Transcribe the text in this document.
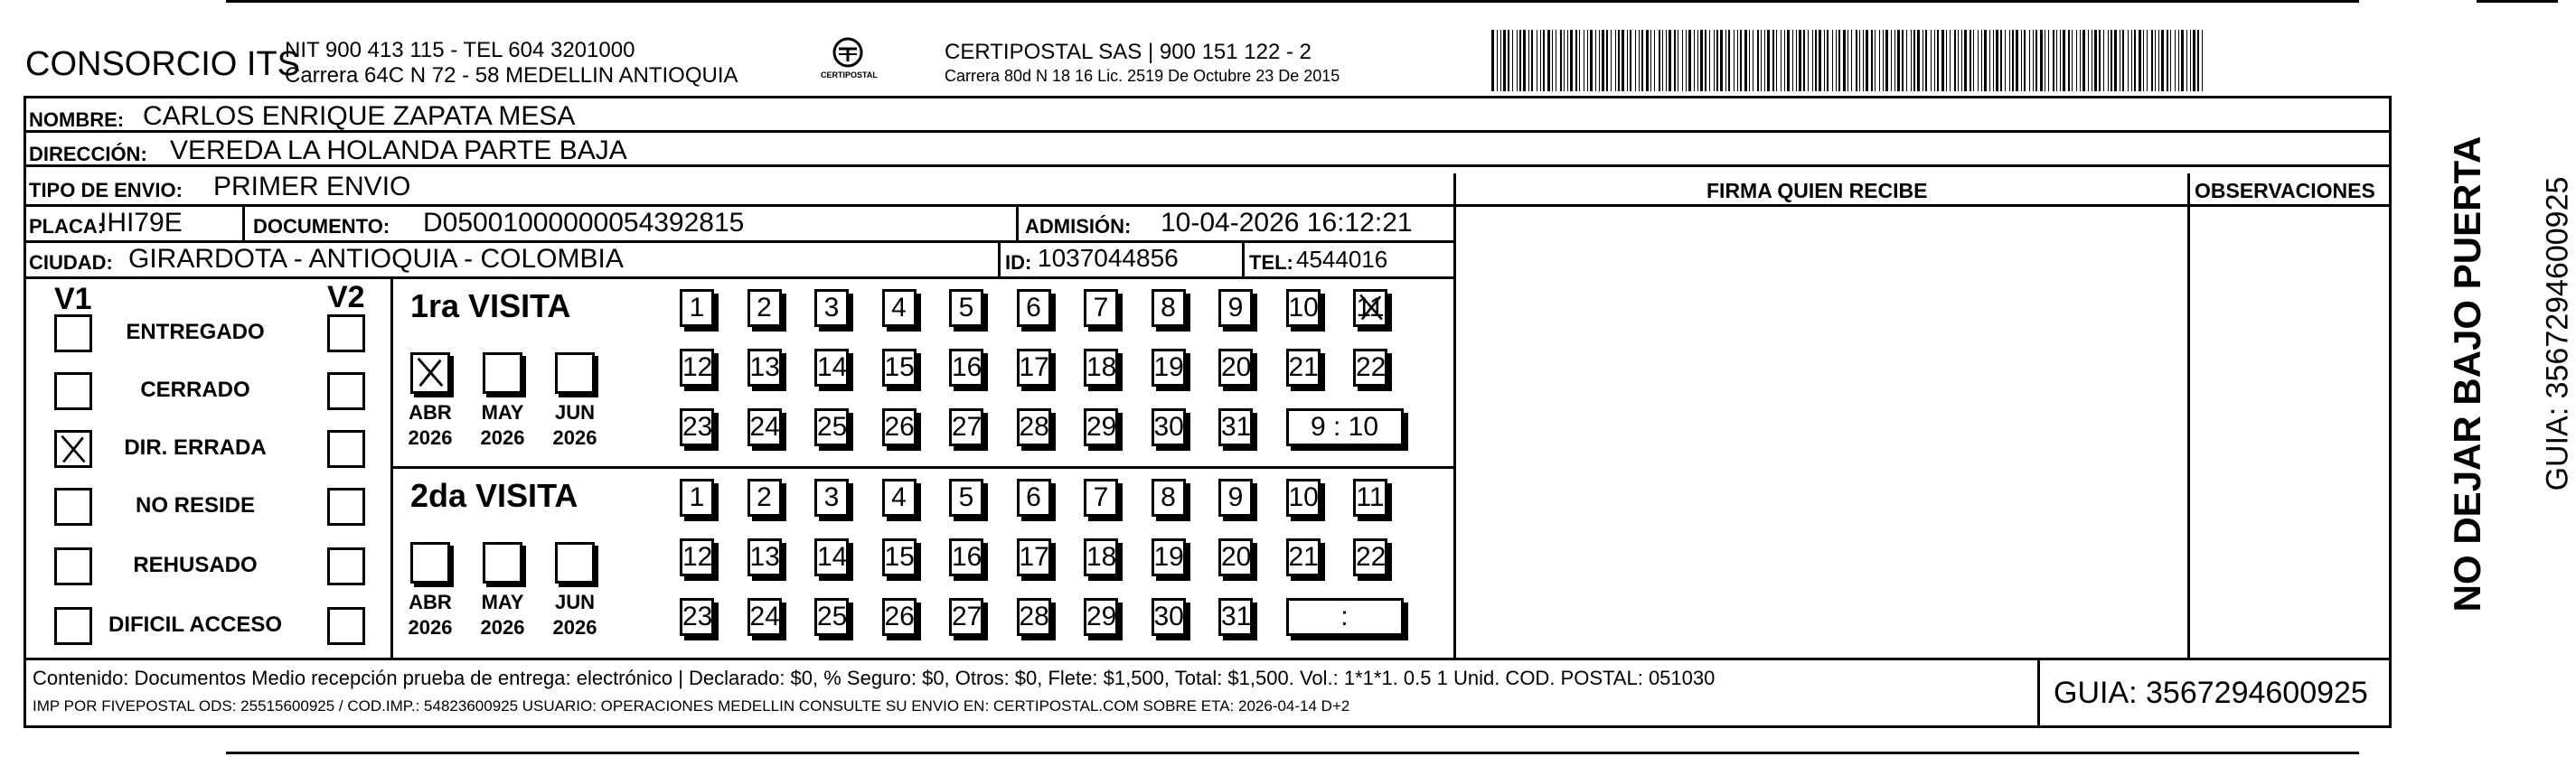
CONSORCIO ITS
NIT 900 413 115 - TEL 604 3201000
Carrera 64C N 72 - 58 MEDELLIN ANTIOQUIA	CERTIPOSTAL
CERTIPOSTAL SAS | 900 151 122 - 2
Carrera 80d N 18 16 Lic. 2519 De Octubre 23 De 2015
NOMBRE: CARLOS ENRIQUE ZAPATA MESA
DIRECCIÓN: VEREDA LA HOLANDA PARTE BAJA
TIPO DE ENVIO: PRIMER ENVIO	FIRMA QUIEN RECIBE	OBSERVACIONES
PLACA:
IHI79E	DOCUMENTO: D05001000000054392815	ADMISIÓN: 10-04-2026 16:12:21
CIUDAD: GIRARDOTA - ANTIOQUIA - COLOMBIA	ID: 1037044856	TEL: 4544016
V1	V2
ENTREGADO
CERRADO
DIR. ERRADA
NO RESIDE
REHUSADO
DIFICIL ACCESO
1ra VISITA
ABR
2026
MAY
2026
JUN
2026
1	2	3	4	5	6	7	8	9	10 11
12 13 14 15 16 17 18 19 20 21 22
23 24 25 26 27 28 29 30 31	9 : 10
2da VISITA
ABR
2026
MAY
2026
JUN
2026
1	2	3	4	5	6	7	8	9	10 11
12 13 14 15 16 17 18 19 20 21 22
23 24 25 26 27 28 29 30 31	:
Contenido: Documentos Medio recepción prueba de entrega: electrónico | Declarado: $0, % Seguro: $0, Otros: $0, Flete: $1,500, Total: $1,500. Vol.: 1*1*1. 0.5 1 Unid. COD. POSTAL: 051030
IMP POR FIVEPOSTAL ODS: 25515600925 / COD.IMP.: 54823600925 USUARIO: OPERACIONES MEDELLIN CONSULTE SU ENVIO EN: CERTIPOSTAL.COM SOBRE ETA: 2026-04-14 D+2	GUIA: 3567294600925
NO DEJAR BAJO PUERTA GUIA: 3567294600925
